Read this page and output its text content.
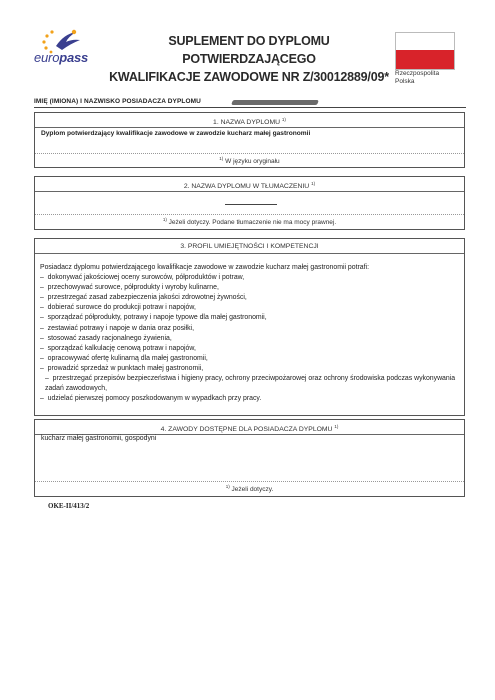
europass
SUPLEMENT DO DYPLOMU POTWIERDZAJĄCEGO
KWALIFIKACJE ZAWODOWE NR Z/30012889/09* Rzeczpospolita
Polska
IMIĘ (IMIONA) I NAZWISKO POSIADACZA DYPLOMU
1. NAZWA DYPLOMU $^{1)}$
Dyplom potwierdzający kwalifikacje zawodowe w zawodzie kucharz małej gastronomii
$^{1)}$ W języku oryginału
2. NAZWA DYPLOMU W TŁUMACZENIU $^{1)}$
$^{1)}$ Jeżeli dotyczy. Podane tłumaczenie nie ma mocy prawnej.
3. PROFIL UMIEJĘTNOŚCI I KOMPETENCJI
Posiadacz dyplomu potwierdzającego kwalifikacje zawodowe w zawodzie kucharz małej gastronomii potrafi:
–  dokonywać jakościowej oceny surowców, półproduktów i potraw,
–  przechowywać surowce, półprodukty i wyroby kulinarne,
–  przestrzegać zasad zabezpieczenia jakości zdrowotnej żywności,
–  dobierać surowce do produkcji potraw i napojów,
–  sporządzać półprodukty, potrawy i napoje typowe dla małej gastronomii,
–  zestawiać potrawy i napoje w dania oraz posiłki,
–  stosować zasady racjonalnego żywienia,
–  sporządzać kalkulację cenową potraw i napojów,
–  opracowywać ofertę kulinarną dla małej gastronomii,
–  prowadzić sprzedaż w punktach małej gastronomii,
–  przestrzegać przepisów bezpieczeństwa i higieny pracy, ochrony przeciwpożarowej oraz ochrony środowiska podczas wykonywania zadań zawodowych,
–  udzielać pierwszej pomocy poszkodowanym w wypadkach przy pracy.
4. ZAWODY DOSTĘPNE DLA POSIADACZA DYPLOMU $^{1)}$
kucharz małej gastronomii, gospodyni
$^{1)}$ Jeżeli dotyczy.
OKE-II/413/2
